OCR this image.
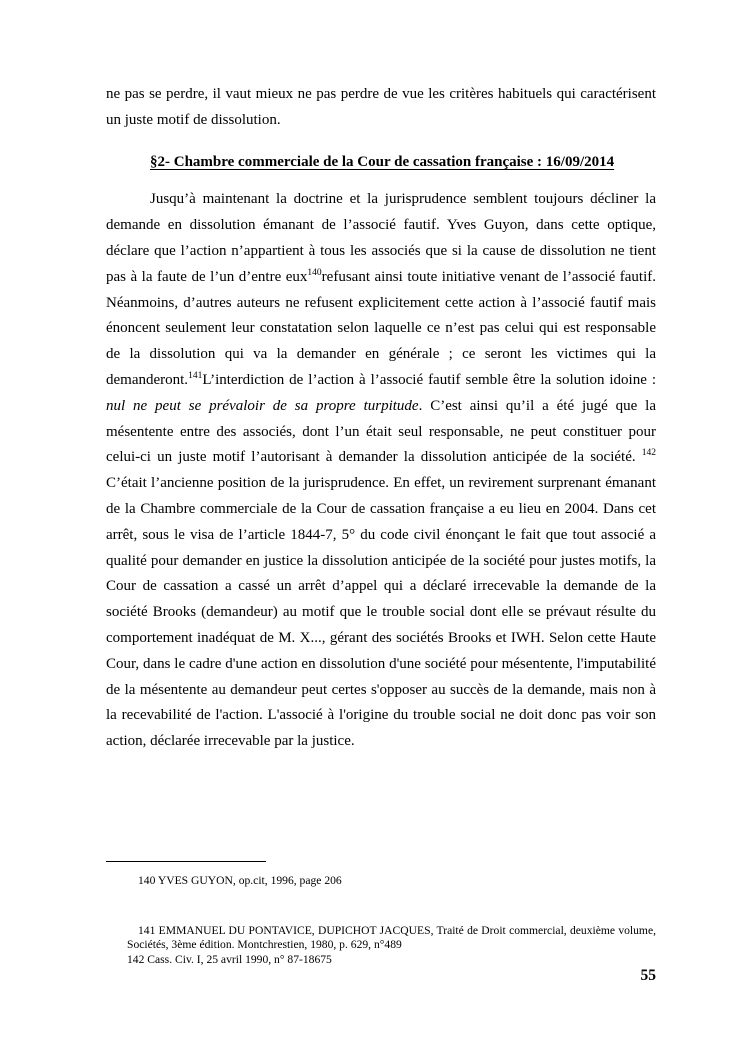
ne pas se perdre, il vaut mieux ne pas perdre de vue les critères habituels qui caractérisent un juste motif de dissolution.

§2- Chambre commerciale de la Cour de cassation française : 16/09/2014

Jusqu’à maintenant la doctrine et la jurisprudence semblent toujours décliner la demande en dissolution émanant de l’associé fautif. Yves Guyon, dans cette optique, déclare que l’action n’appartient à tous les associés que si la cause de dissolution ne tient pas à la faute de l’un d’entre eux$^{140}$refusant ainsi toute initiative venant de l’associé fautif. Néanmoins, d’autres auteurs ne refusent explicitement cette action à l’associé fautif mais énoncent seulement leur constatation selon laquelle ce n’est pas celui qui est responsable de la dissolution qui va la demander en générale ; ce seront les victimes qui la demanderont.$^{141}$L’interdiction de l’action à l’associé fautif semble être la solution idoine : nul ne peut se prévaloir de sa propre turpitude. C’est ainsi qu’il a été jugé que la mésentente entre des associés, dont l’un était seul responsable, ne peut constituer pour celui-ci un juste motif l’autorisant à demander la dissolution anticipée de la société. $^{142}$ C’était l’ancienne position de la jurisprudence. En effet, un revirement surprenant émanant de la Chambre commerciale de la Cour de cassation française a eu lieu en 2004. Dans cet arrêt, sous le visa de l’article 1844-7, 5° du code civil énonçant le fait que tout associé a qualité pour demander en justice la dissolution anticipée de la société pour justes motifs, la Cour de cassation a cassé un arrêt d’appel qui a déclaré irrecevable la demande de la société Brooks (demandeur) au motif que le trouble social dont elle se prévaut résulte du comportement inadéquat de M. X..., gérant des sociétés Brooks et IWH. Selon cette Haute Cour, dans le cadre d'une action en dissolution d'une société pour mésentente, l'imputabilité de la mésentente au demandeur peut certes s'opposer au succès de la demande, mais non à la recevabilité de l'action. L'associé à l'origine du trouble social ne doit donc pas voir son action, déclarée irrecevable par la justice.

140 YVES GUYON, op.cit, 1996, page 206

141 EMMANUEL DU PONTAVICE, DUPICHOT JACQUES, Traité de Droit commercial, deuxième volume, Sociétés, 3ème édition. Montchrestien, 1980, p. 629, n°489

142 Cass. Civ. I, 25 avril 1990, n° 87-18675

55
